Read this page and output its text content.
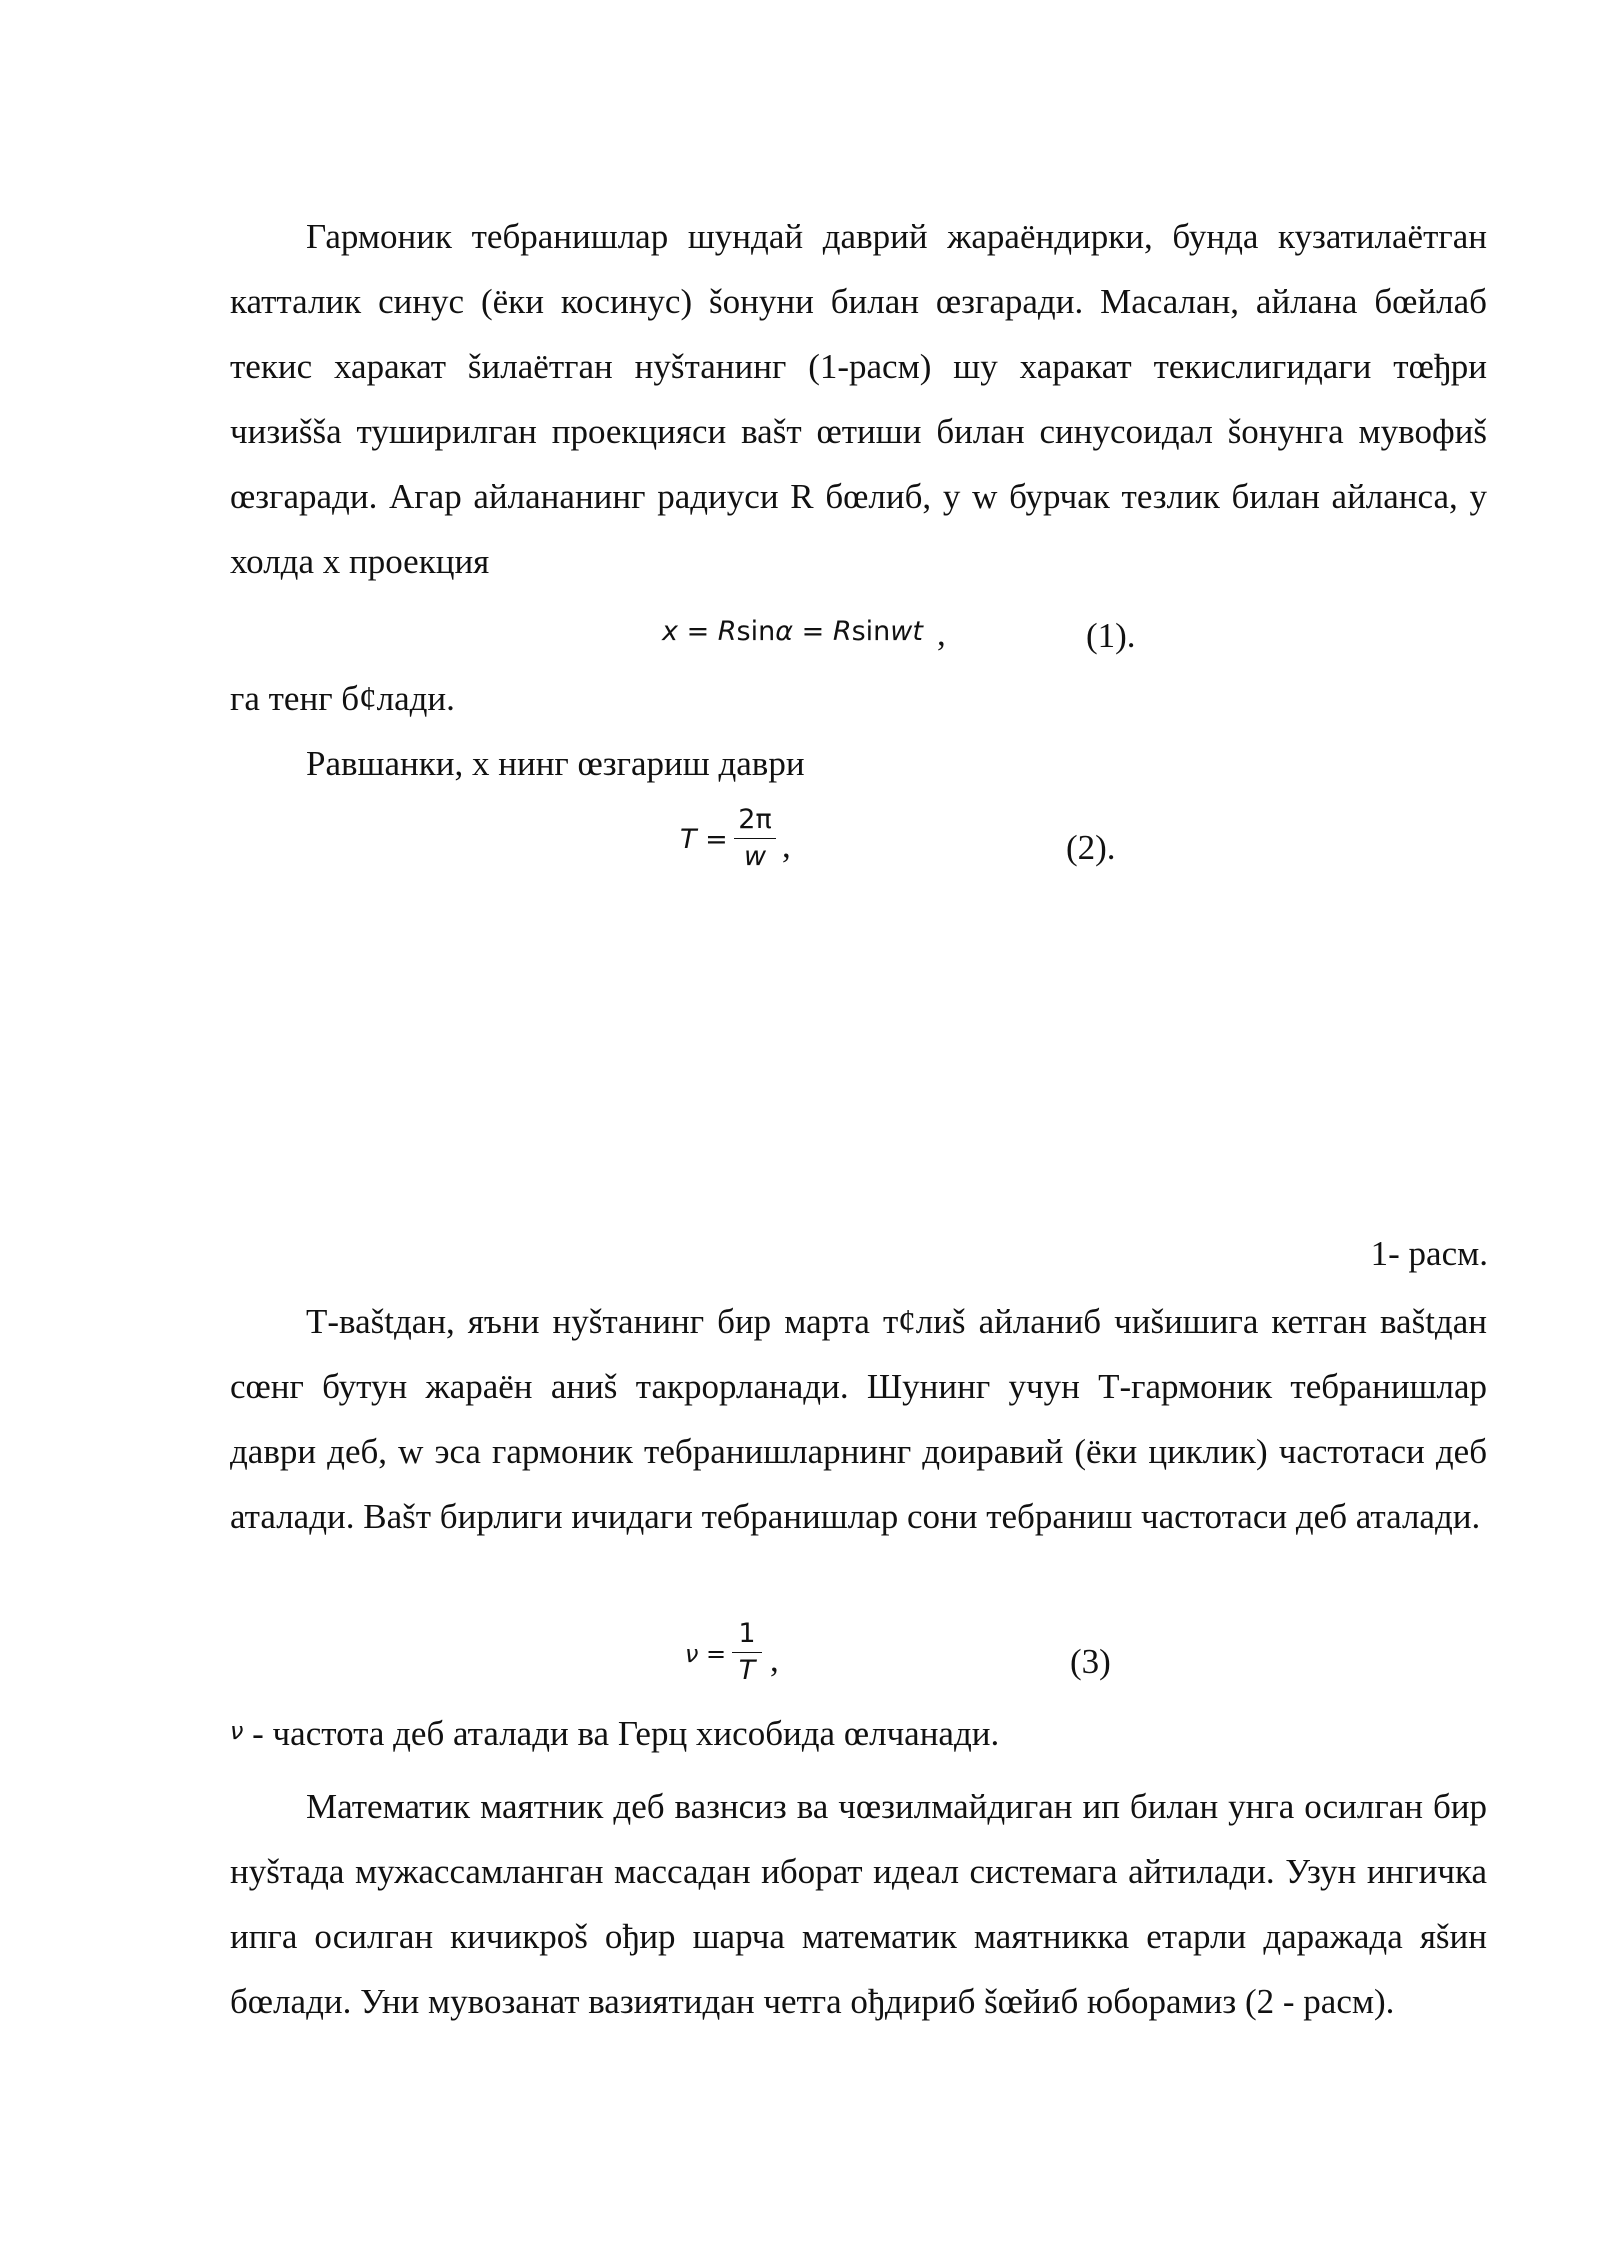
Гармоник тебранишлар шундай даврий жараёндирки, бунда кузатилаётган катталик синус (ёки косинус) šонуни билан œзгаради. Масалан, айлана бœйлаб текис харакат šилаётган нуšтанинг (1-расм) шу харакат текислигидаги тœђри чизиššа туширилган проекцияси ваšт œтиши билан синусоидал šонунга мувофиš œзгаради. Агар айлананинг радиуси R бœлиб, у w бурчак тезлик билан айланса, у холда х проекция

x = Rsinα = Rsinwt ,	(1).
га тенг б¢лади.
Равшанки, х нинг œзгариш даври
T =
2π
w ,	(2).
1- расм.

Т-ваštдан, яъни нуšтанинг бир марта т¢лиš айланиб чиšишига кетган ваštдан сœнг бутун жараён аниš такрорланади. Шунинг учун Т-гармоник тебранишлар даври деб, w эса гармоник тебранишларнинг доиравий (ёки циклик) частотаси деб аталади. Ваšт бирлиги ичидаги тебранишлар сони тебраниш частотаси деб аталади.

ν =
1
T ,	(3)
ν - частота деб аталади ва Герц хисобида œлчанади.

Математик маятник деб вазнсиз ва чœзилмайдиган ип билан унга осилган бир нуšтада мужассамланган массадан иборат идеал системага айтилади. Узун ингичка ипга осилган кичикроš ођир шарча математик маятникка етарли даражада яšин бœлади. Уни мувозанат вазиятидан четга ођдириб šœйиб юборамиз (2 - расм).
